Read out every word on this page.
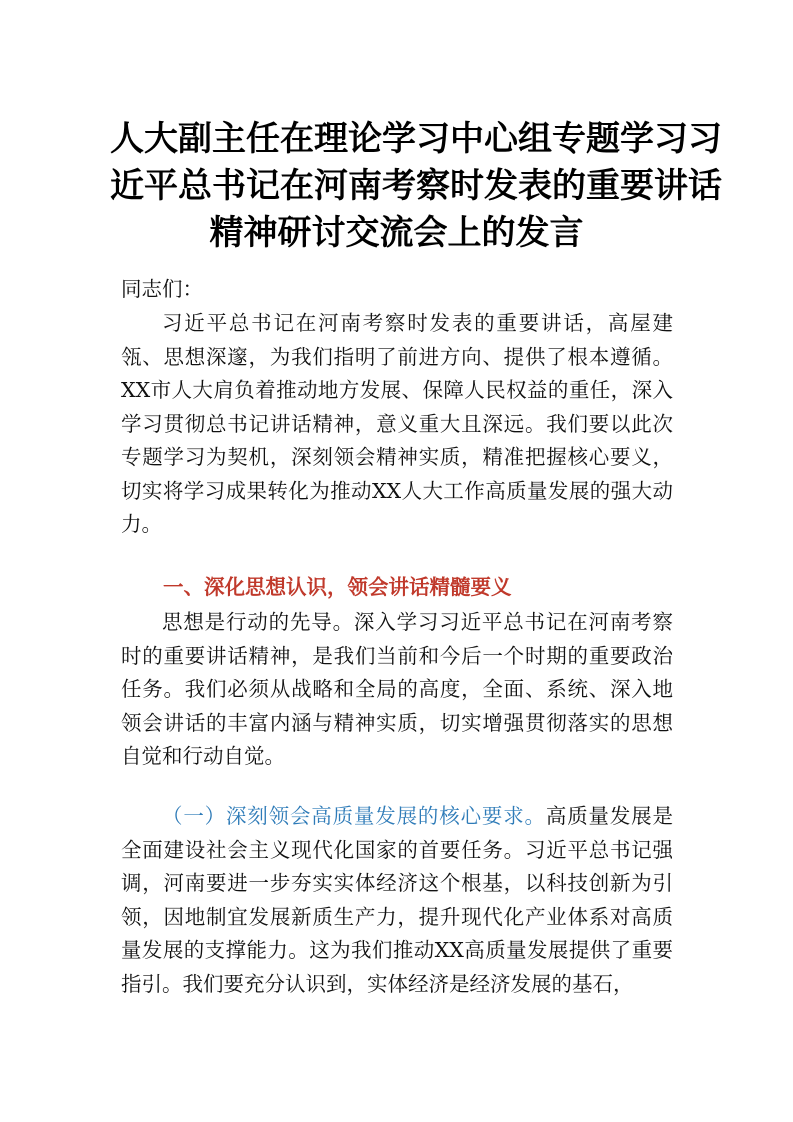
人大副主任在理论学习中心组专题学习习
近平总书记在河南考察时发表的重要讲话
精神研讨交流会上的发言

同志们：

习近平总书记在河南考察时发表的重要讲话，高屋建瓴、思想深邃，为我们指明了前进方向、提供了根本遵循。XX市人大肩负着推动地方发展、保障人民权益的重任，深入学习贯彻总书记讲话精神，意义重大且深远。我们要以此次专题学习为契机，深刻领会精神实质，精准把握核心要义，切实将学习成果转化为推动XX人大工作高质量发展的强大动力。

一、深化思想认识，领会讲话精髓要义

思想是行动的先导。深入学习习近平总书记在河南考察时的重要讲话精神，是我们当前和今后一个时期的重要政治任务。我们必须从战略和全局的高度，全面、系统、深入地领会讲话的丰富内涵与精神实质，切实增强贯彻落实的思想自觉和行动自觉。

（一）深刻领会高质量发展的核心要求。高质量发展是全面建设社会主义现代化国家的首要任务。习近平总书记强调，河南要进一步夯实实体经济这个根基，以科技创新为引领，因地制宜发展新质生产力，提升现代化产业体系对高质量发展的支撑能力。这为我们推动XX高质量发展提供了重要指引。我们要充分认识到，实体经济是经济发展的基石，
